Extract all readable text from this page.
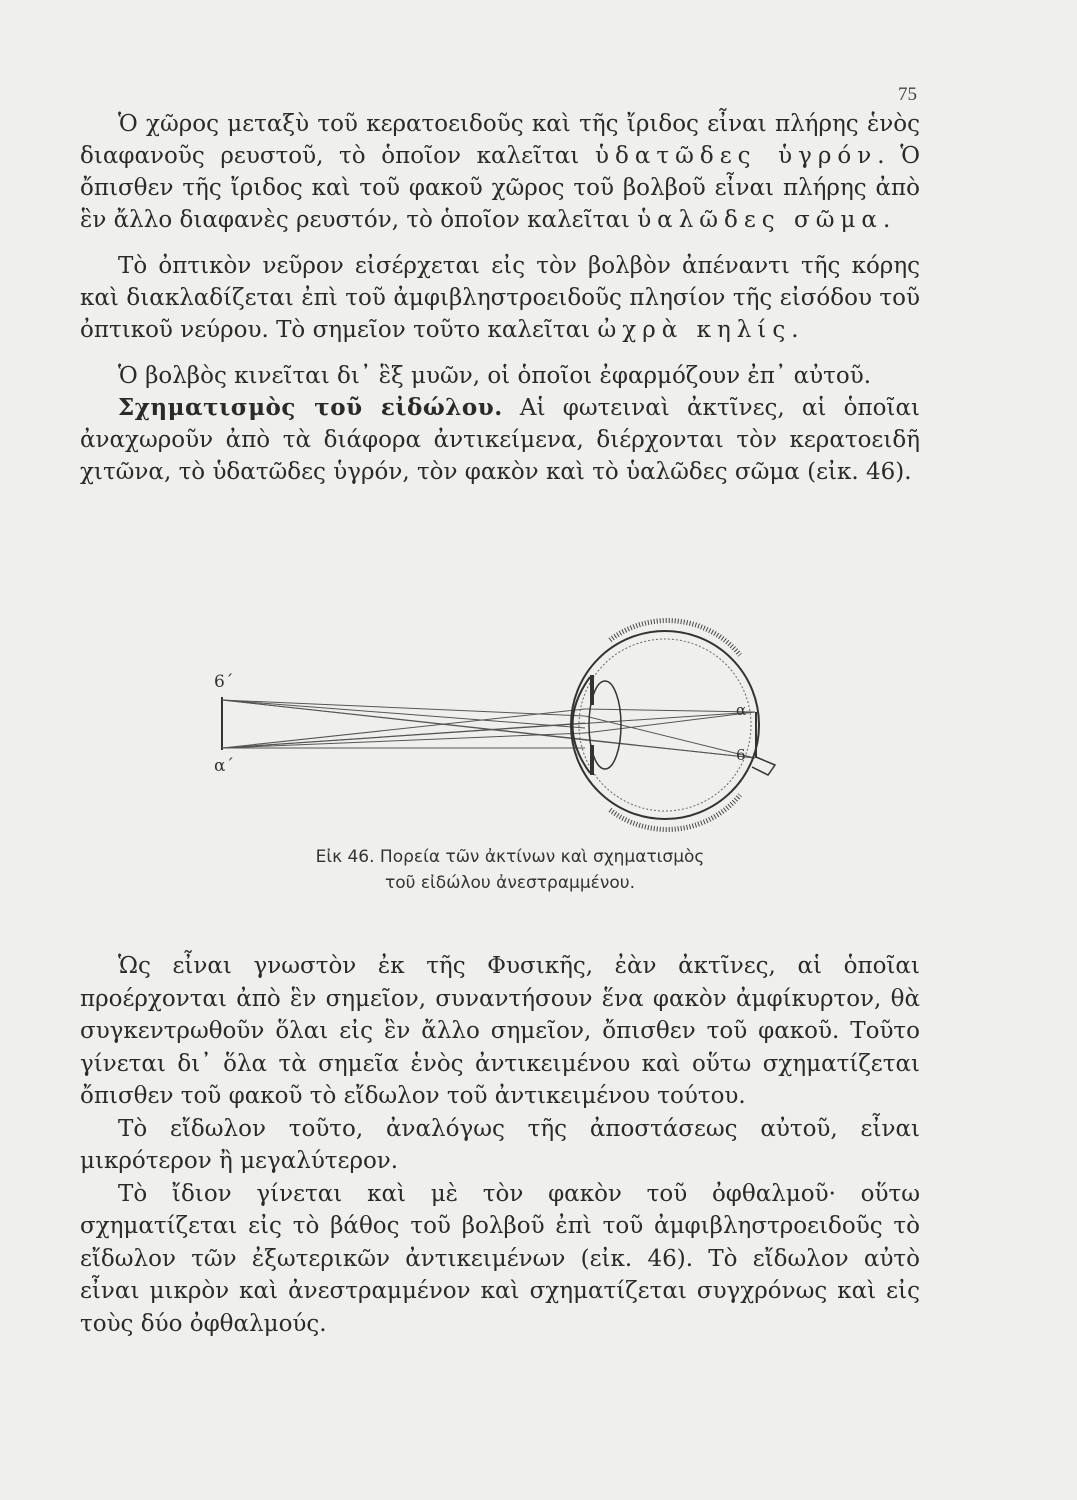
75

Ὁ χῶρος μεταξὺ τοῦ κερατοειδοῦς καὶ τῆς ἴριδος εἶναι πλήρης ἑνὸς διαφανοῦς ρευστοῦ, τὸ ὁποῖον καλεῖται ὑδατῶδες ὑγρόν. Ὁ ὄπισθεν τῆς ἴριδος καὶ τοῦ φακοῦ χῶρος τοῦ βολβοῦ εἶναι πλήρης ἀπὸ ἓν ἄλλο διαφανὲς ρευστόν, τὸ ὁποῖον καλεῖται ὑαλῶδες σῶμα.

Τὸ ὀπτικὸν νεῦρον εἰσέρχεται εἰς τὸν βολβὸν ἀπέναντι τῆς κόρης καὶ διακλαδίζεται ἐπὶ τοῦ ἀμφιβληστροειδοῦς πλησίον τῆς εἰσόδου τοῦ ὀπτικοῦ νεύρου. Τὸ σημεῖον τοῦτο καλεῖται ὠχρὰ κηλίς.

Ὁ βολβὸς κινεῖται δι᾿ ἓξ μυῶν, οἱ ὁποῖοι ἐφαρμόζουν ἐπ᾿ αὐτοῦ.

Σχηματισμὸς τοῦ εἰδώλου. Αἱ φωτειναὶ ἀκτῖνες, αἱ ὁποῖαι ἀναχωροῦν ἀπὸ τὰ διάφορα ἀντικείμενα, διέρχονται τὸν κερατοειδῆ χιτῶνα, τὸ ὑδατῶδες ὑγρόν, τὸν φακὸν καὶ τὸ ὑαλῶδες σῶμα (εἰκ. 46).

6΄
α΄
α
6
Εἰκ 46. Πορεία τῶν ἀκτίνων καὶ σχηματισμὸς
τοῦ εἰδώλου ἀνεστραμμένου.

Ὡς εἶναι γνωστὸν ἐκ τῆς Φυσικῆς, ἐὰν ἀκτῖνες, αἱ ὁποῖαι προέρχονται ἀπὸ ἓν σημεῖον, συναντήσουν ἕνα φακὸν ἀμφίκυρτον, θὰ συγκεντρωθοῦν ὅλαι εἰς ἓν ἄλλο σημεῖον, ὄπισθεν τοῦ φακοῦ. Τοῦτο γίνεται δι᾿ ὅλα τὰ σημεῖα ἑνὸς ἀντικειμένου καὶ οὕτω σχηματίζεται ὄπισθεν τοῦ φακοῦ τὸ εἴδωλον τοῦ ἀντικειμένου τούτου.

Τὸ εἴδωλον τοῦτο, ἀναλόγως τῆς ἀποστάσεως αὐτοῦ, εἶναι μικρότερον ἢ μεγαλύτερον.

Τὸ ἴδιον γίνεται καὶ μὲ τὸν φακὸν τοῦ ὀφθαλμοῦ· οὕτω σχηματίζεται εἰς τὸ βάθος τοῦ βολβοῦ ἐπὶ τοῦ ἀμφιβληστροειδοῦς τὸ εἴδωλον τῶν ἐξωτερικῶν ἀντικειμένων (εἰκ. 46). Τὸ εἴδωλον αὐτὸ εἶναι μικρὸν καὶ ἀνεστραμμένον καὶ σχηματίζεται συγχρόνως καὶ εἰς τοὺς δύο ὀφθαλμούς.
